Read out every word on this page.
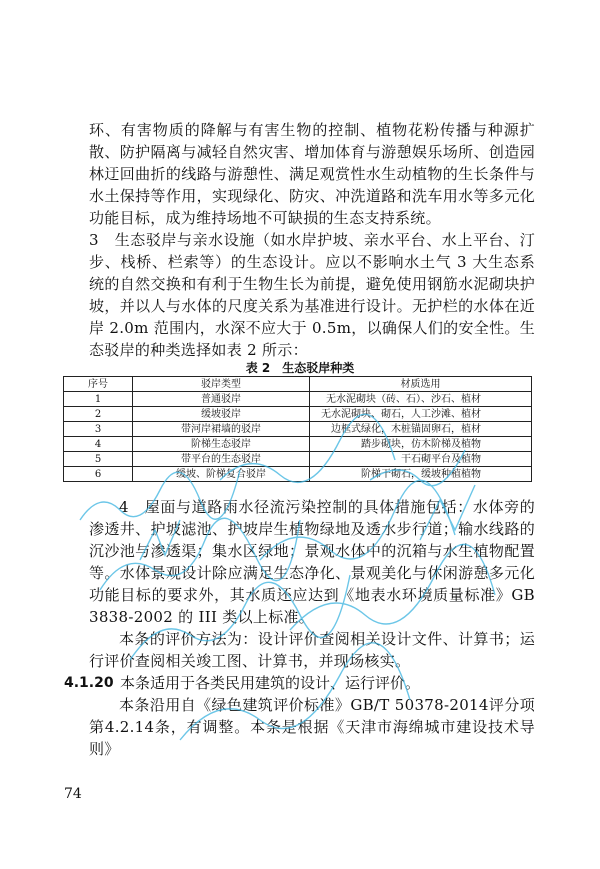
环、有害物质的降解与有害生物的控制、植物花粉传播与种源扩散、防护隔离与减轻自然灾害、增加体育与游憩娱乐场所、创造园林迂回曲折的线路与游憩性、满足观赏性水生动植物的生长条件与水土保持等作用，实现绿化、防灾、冲洗道路和洗车用水等多元化功能目标，成为维持场地不可缺损的生态支持系统。

3　生态驳岸与亲水设施（如水岸护坡、亲水平台、水上平台、汀步、栈桥、栏索等）的生态设计。应以不影响水土气 3 大生态系统的自然交换和有利于生物生长为前提，避免使用钢筋水泥砌块护坡，并以人与水体的尺度关系为基准进行设计。无护栏的水体在近岸 2.0m 范围内，水深不应大于 0.5m，以确保人们的安全性。生态驳岸的种类选择如表 2 所示：

表 2　生态驳岸种类
序号	驳岸类型	材质选用
1	普通驳岸	无水泥砌块（砖、石）、沙石、植材
2	缓坡驳岸	无水泥砌块、砌石，人工沙滩、植材
3	带河岸裙墙的驳岸	边框式绿化，木桩锚固卵石，植材
4	阶梯生态驳岸	踏步砌块，仿木阶梯及植物
5	带平台的生态驳岸	干石砌平台及植物
6	缓坡、阶梯复合驳岸	阶梯干砌石，缓坡种植植物

4　屋面与道路雨水径流污染控制的具体措施包括：水体旁的渗透井、护坡滤池、护坡岸生植物绿地及透水步行道；输水线路的沉沙池与渗透渠；集水区绿地；景观水体中的沉箱与水生植物配置等。水体景观设计除应满足生态净化、景观美化与休闲游憩多元化功能目标的要求外，其水质还应达到《地表水环境质量标准》GB 3838-2002 的 III 类以上标准。

本条的评价方法为：设计评价查阅相关设计文件、计算书；运行评价查阅相关竣工图、计算书，并现场核实。

4.1.20 本条适用于各类民用建筑的设计、运行评价。

本条沿用自《绿色建筑评价标准》GB/T 50378-2014评分项第4.2.14条，有调整。本条是根据《天津市海绵城市建设技术导则》

74
